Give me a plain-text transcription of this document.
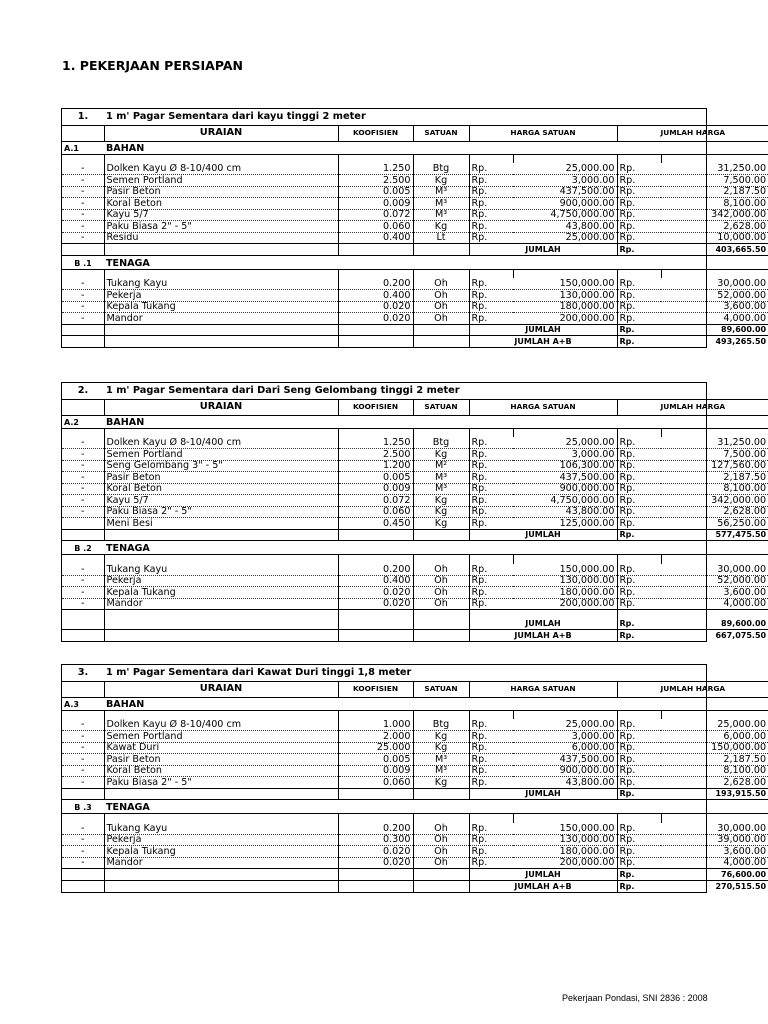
1. PEKERJAAN PERSIAPAN
1.	1 m' Pagar Sementara dari kayu tinggi 2 meter						
	URAIAN	KOOFISIEN	SATUAN	HARGA SATUAN		JUMLAH HARGA	
A.1	BAHAN						

-	Dolken Kayu Ø 8-10/400 cm	1.250	Btg	Rp.	25,000.00	Rp.	31,250.00
-	Semen Portland	2.500	Kg	Rp.	3,000.00	Rp.	7,500.00
-	Pasir Beton	0.005	M³	Rp.	437,500.00	Rp.	2,187.50
-	Koral Beton	0.009	M³	Rp.	900,000.00	Rp.	8,100.00
-	Kayu 5/7	0.072	M³	Rp.	4,750,000.00	Rp.	342,000.00
-	Paku Biasa 2" - 5"	0.060	Kg	Rp.	43,800.00	Rp.	2,628.00
-	Residu	0.400	Lt	Rp.	25,000.00	Rp.	10,000.00
				JUMLAH		Rp.	403,665.50
B .1	TENAGA						

-	Tukang Kayu	0.200	Oh	Rp.	150,000.00	Rp.	30,000.00
-	Pekerja	0.400	Oh	Rp.	130,000.00	Rp.	52,000.00
-	Kepala Tukang	0.020	Oh	Rp.	180,000.00	Rp.	3,600.00
-	Mandor	0.020	Oh	Rp.	200,000.00	Rp.	4,000.00
				JUMLAH		Rp.	89,600.00
				JUMLAH A+B		Rp.	493,265.50
2.	1 m' Pagar Sementara dari Dari Seng Gelombang tinggi 2 meter						
	URAIAN	KOOFISIEN	SATUAN	HARGA SATUAN		JUMLAH HARGA	
A.2	BAHAN						

-	Dolken Kayu Ø 8-10/400 cm	1.250	Btg	Rp.	25,000.00	Rp.	31,250.00
-	Semen Portland	2.500	Kg	Rp.	3,000.00	Rp.	7,500.00
-	Seng Gelombang 3" - 5"	1.200	M²	Rp.	106,300.00	Rp.	127,560.00
-	Pasir Beton	0.005	M³	Rp.	437,500.00	Rp.	2,187.50
-	Koral Beton	0.009	M³	Rp.	900,000.00	Rp.	8,100.00
-	Kayu 5/7	0.072	Kg	Rp.	4,750,000.00	Rp.	342,000.00
-	Paku Biasa 2" - 5"	0.060	Kg	Rp.	43,800.00	Rp.	2,628.00
	Meni Besi	0.450	Kg	Rp.	125,000.00	Rp.	56,250.00
				JUMLAH		Rp.	577,475.50
B .2	TENAGA						

-	Tukang Kayu	0.200	Oh	Rp.	150,000.00	Rp.	30,000.00
-	Pekerja	0.400	Oh	Rp.	130,000.00	Rp.	52,000.00
-	Kepala Tukang	0.020	Oh	Rp.	180,000.00	Rp.	3,600.00
-	Mandor	0.020	Oh	Rp.	200,000.00	Rp.	4,000.00
				JUMLAH		Rp.	89,600.00
				JUMLAH A+B		Rp.	667,075.50
3.	1 m' Pagar Sementara dari Kawat Duri tinggi 1,8 meter						
	URAIAN	KOOFISIEN	SATUAN	HARGA SATUAN		JUMLAH HARGA	
A.3	BAHAN						

-	Dolken Kayu Ø 8-10/400 cm	1.000	Btg	Rp.	25,000.00	Rp.	25,000.00
-	Semen Portland	2.000	Kg	Rp.	3,000.00	Rp.	6,000.00
-	Kawat Duri	25.000	Kg	Rp.	6,000.00	Rp.	150,000.00
-	Pasir Beton	0.005	M³	Rp.	437,500.00	Rp.	2,187.50
-	Koral Beton	0.009	M³	Rp.	900,000.00	Rp.	8,100.00
-	Paku Biasa 2" - 5"	0.060	Kg	Rp.	43,800.00	Rp.	2,628.00
				JUMLAH		Rp.	193,915.50
B .3	TENAGA						

-	Tukang Kayu	0.200	Oh	Rp.	150,000.00	Rp.	30,000.00
-	Pekerja	0.300	Oh	Rp.	130,000.00	Rp.	39,000.00
-	Kepala Tukang	0.020	Oh	Rp.	180,000.00	Rp.	3,600.00
-	Mandor	0.020	Oh	Rp.	200,000.00	Rp.	4,000.00
				JUMLAH		Rp.	76,600.00
				JUMLAH A+B		Rp.	270,515.50
Pekerjaan Pondasi, SNI 2836 : 2008
